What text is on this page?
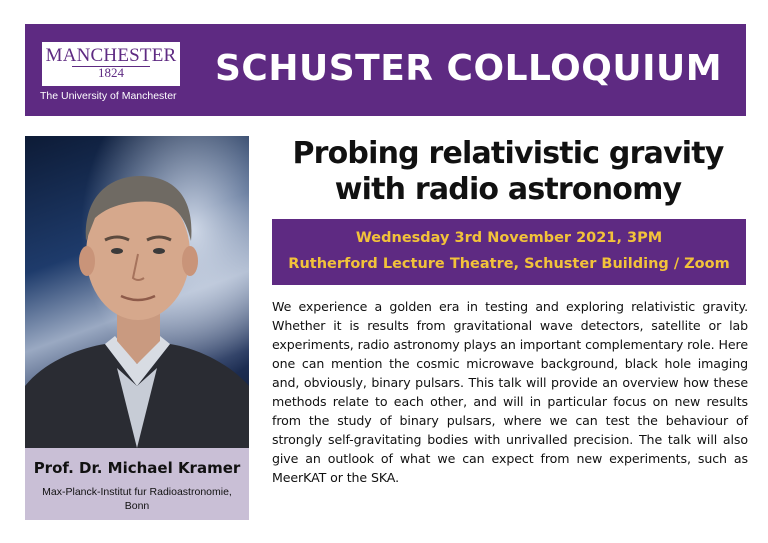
MANCHESTER
1824
The University of Manchester
SCHUSTER COLLOQUIUM
Prof. Dr. Michael Kramer
Max-Planck-Institut fur Radioastronomie,
Bonn
Probing relativistic gravity
with radio astronomy
Wednesday 3rd November 2021, 3PM
Rutherford Lecture Theatre, Schuster Building / Zoom
We experience a golden era in testing and exploring relativistic gravity. Whether it is results from gravitational wave detectors, satellite or lab experiments, radio astronomy plays an important complementary role. Here one can mention the cosmic microwave background, black hole imaging and, obviously, binary pulsars. This talk will provide an overview how these methods relate to each other, and will in particular focus on new results from the study of binary pulsars, where we can test the behaviour of strongly self-gravitating bodies with unrivalled precision. The talk will also give an outlook of what we can expect from new experiments, such as MeerKAT or the SKA.
